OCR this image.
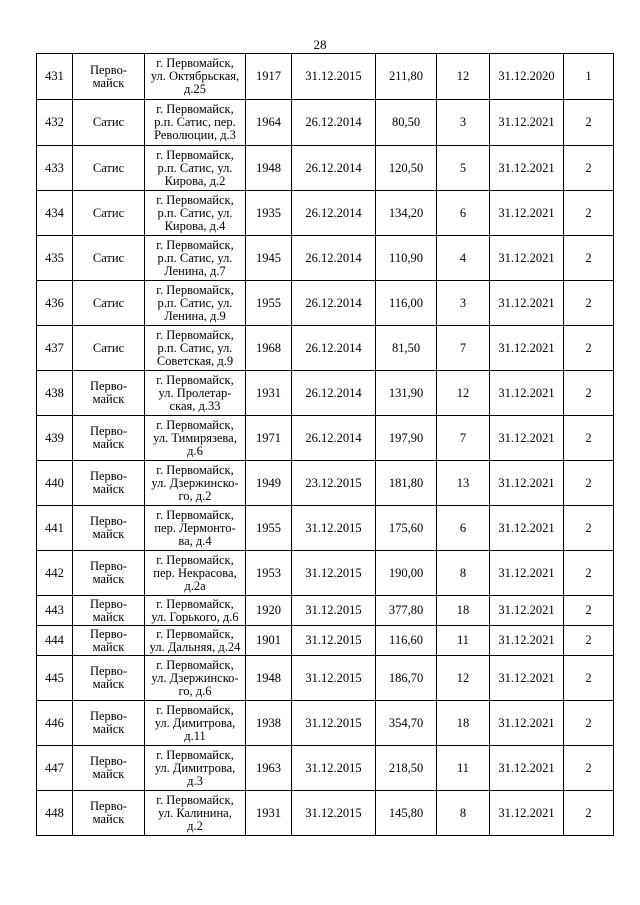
28
431	Перво-
майск	г. Первомайск,
ул. Октябрьская,
д.25	1917	31.12.2015	211,80	12	31.12.2020	1
432	Сатис	г. Первомайск,
р.п. Сатис, пер.
Революции, д.3	1964	26.12.2014	80,50	3	31.12.2021	2
433	Сатис	г. Первомайск,
р.п. Сатис, ул.
Кирова, д.2	1948	26.12.2014	120,50	5	31.12.2021	2
434	Сатис	г. Первомайск,
р.п. Сатис, ул.
Кирова, д.4	1935	26.12.2014	134,20	6	31.12.2021	2
435	Сатис	г. Первомайск,
р.п. Сатис, ул.
Ленина, д.7	1945	26.12.2014	110,90	4	31.12.2021	2
436	Сатис	г. Первомайск,
р.п. Сатис, ул.
Ленина, д.9	1955	26.12.2014	116,00	3	31.12.2021	2
437	Сатис	г. Первомайск,
р.п. Сатис, ул.
Советская, д.9	1968	26.12.2014	81,50	7	31.12.2021	2
438	Перво-
майск	г. Первомайск,
ул. Пролетар-
ская, д.33	1931	26.12.2014	131,90	12	31.12.2021	2
439	Перво-
майск	г. Первомайск,
ул. Тимирязева,
д.6	1971	26.12.2014	197,90	7	31.12.2021	2
440	Перво-
майск	г. Первомайск,
ул. Дзержинско-
го, д.2	1949	23.12.2015	181,80	13	31.12.2021	2
441	Перво-
майск	г. Первомайск,
пер. Лермонто-
ва, д.4	1955	31.12.2015	175,60	6	31.12.2021	2
442	Перво-
майск	г. Первомайск,
пер. Некрасова,
д.2а	1953	31.12.2015	190,00	8	31.12.2021	2
443	Перво-
майск	г. Первомайск,
ул. Горького, д.6	1920	31.12.2015	377,80	18	31.12.2021	2
444	Перво-
майск	г. Первомайск,
ул. Дальняя, д.24	1901	31.12.2015	116,60	11	31.12.2021	2
445	Перво-
майск	г. Первомайск,
ул. Дзержинско-
го, д.6	1948	31.12.2015	186,70	12	31.12.2021	2
446	Перво-
майск	г. Первомайск,
ул. Димитрова,
д.11	1938	31.12.2015	354,70	18	31.12.2021	2
447	Перво-
майск	г. Первомайск,
ул. Димитрова,
д.3	1963	31.12.2015	218,50	11	31.12.2021	2
448	Перво-
майск	г. Первомайск,
ул. Калинина,
д.2	1931	31.12.2015	145,80	8	31.12.2021	2
